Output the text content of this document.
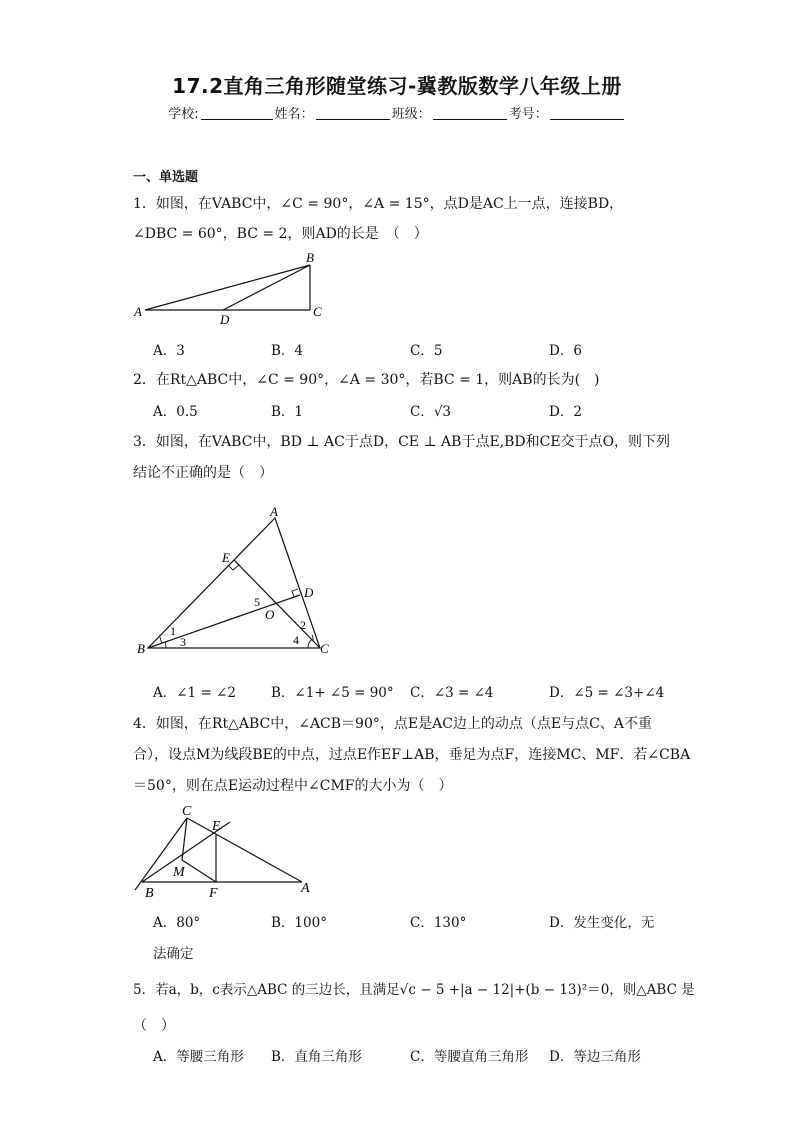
17.2直角三角形随堂练习-冀教版数学八年级上册
学校:	姓名：	班级：	考号：
一、单选题
1．如图，在VABC中，∠C = 90°，∠A = 15°，点D是AC上一点，连接BD，
∠DBC = 60°，BC = 2，则AD的长是　（　）
B
A
D
C
A．3	B．4	C．5	D．6
2．在Rt△ABC中，∠C = 90°，∠A = 30°，若BC = 1，则AB的长为(　)
A．0.5	B．1	C．√3	D．2
3．如图，在VABC中，BD ⊥ AC于点D，CE ⊥ AB于点E,BD和CE交于点O，则下列
结论不正确的是（　）
A
E
D
5
O
1
3
2
4
B	C
A．∠1 = ∠2	B．∠1+ ∠5 = 90° C．∠3 = ∠4	D．∠5 = ∠3+∠4
4．如图，在Rt△ABC中，∠ACB＝90°，点E是AC边上的动点（点E与点C、A不重
合），设点M为线段BE的中点，过点E作EF⊥AB，垂足为点F，连接MC、MF．若∠CBA
＝50°，则在点E运动过程中∠CMF的大小为（　）
C
E
M
B	F	A
A．80°	B．100°	C．130°	D．发生变化，无
法确定
5．若a，b，c表示△ABC 的三边长，且满足√c − 5 +|a − 12|+(b − 13)²＝0，则△ABC 是
（　）
A．等腰三角形 B．直角三角形	C．等腰直角三角形 D．等边三角形
